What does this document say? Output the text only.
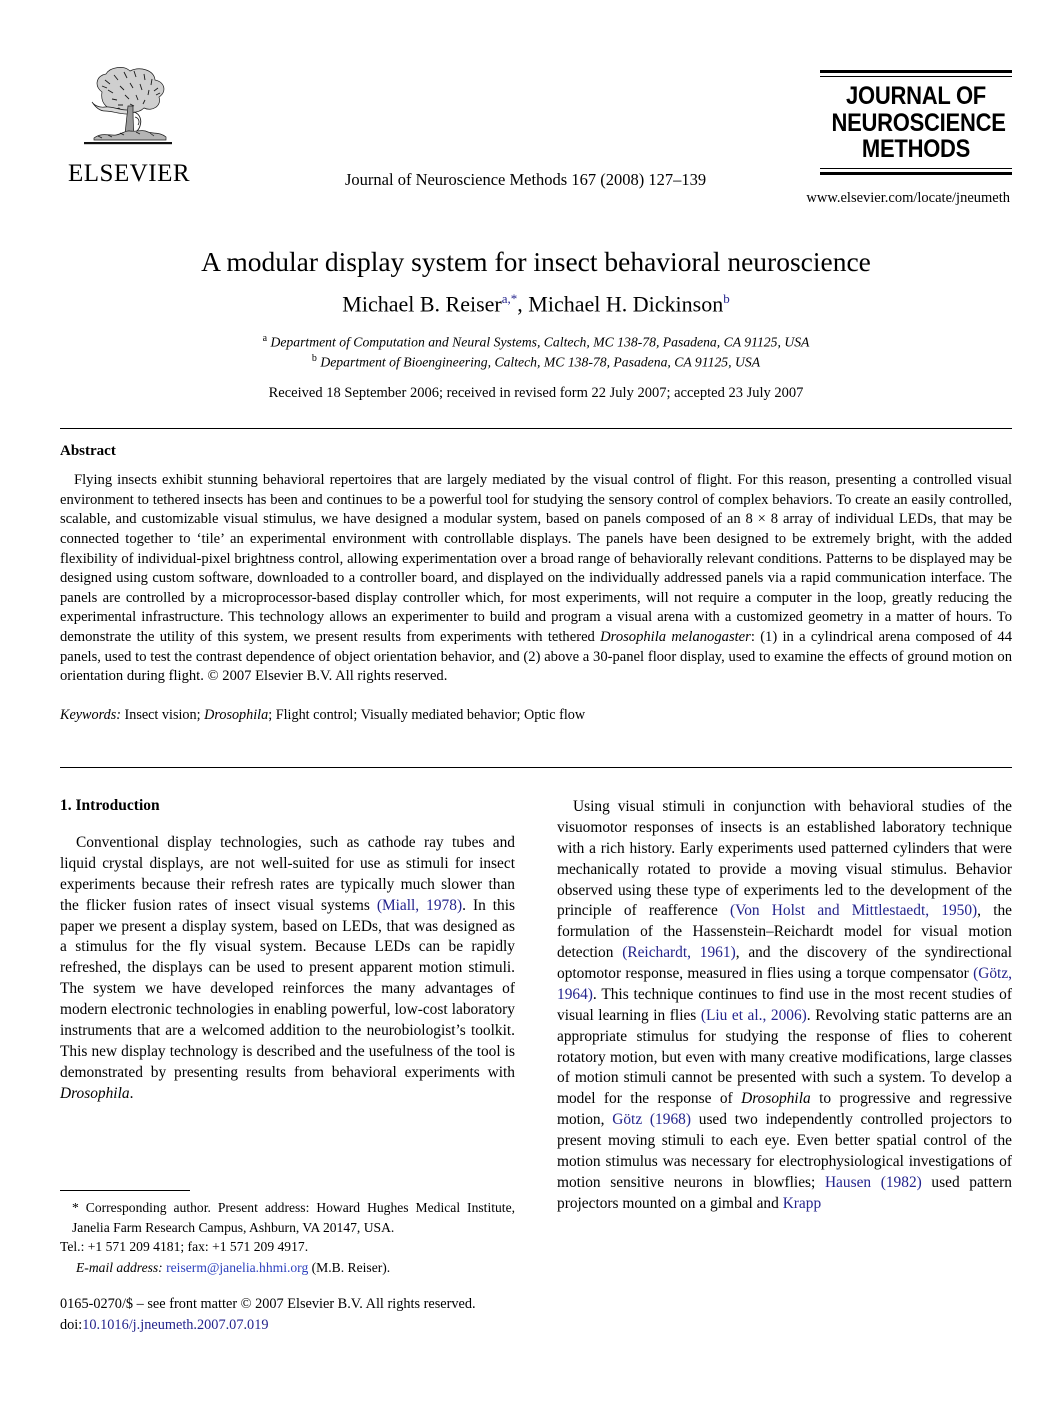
ELSEVIER	Journal of Neuroscience Methods 167 (2008) 127–139
JOURNAL OF
NEUROSCIENCE
METHODS
www.elsevier.com/locate/jneumeth
A modular display system for insect behavioral neuroscience
Michael B. Reiser$^{a,*}$, Michael H. Dickinson$^b$
$^a$ Department of Computation and Neural Systems, Caltech, MC 138-78, Pasadena, CA 91125, USA
$^b$ Department of Bioengineering, Caltech, MC 138-78, Pasadena, CA 91125, USA
Received 18 September 2006; received in revised form 22 July 2007; accepted 23 July 2007
Abstract

Flying insects exhibit stunning behavioral repertoires that are largely mediated by the visual control of flight. For this reason, presenting a controlled visual environment to tethered insects has been and continues to be a powerful tool for studying the sensory control of complex behaviors. To create an easily controlled, scalable, and customizable visual stimulus, we have designed a modular system, based on panels composed of an 8 × 8 array of individual LEDs, that may be connected together to ‘tile’ an experimental environment with controllable displays. The panels have been designed to be extremely bright, with the added flexibility of individual-pixel brightness control, allowing experimentation over a broad range of behaviorally relevant conditions. Patterns to be displayed may be designed using custom software, downloaded to a controller board, and displayed on the individually addressed panels via a rapid communication interface. The panels are controlled by a microprocessor-based display controller which, for most experiments, will not require a computer in the loop, greatly reducing the experimental infrastructure. This technology allows an experimenter to build and program a visual arena with a customized geometry in a matter of hours. To demonstrate the utility of this system, we present results from experiments with tethered Drosophila melanogaster: (1) in a cylindrical arena composed of 44 panels, used to test the contrast dependence of object orientation behavior, and (2) above a 30-panel floor display, used to examine the effects of ground motion on orientation during flight. © 2007 Elsevier B.V. All rights reserved.

Keywords: Insect vision; Drosophila; Flight control; Visually mediated behavior; Optic flow
1. Introduction

Conventional display technologies, such as cathode ray tubes and liquid crystal displays, are not well-suited for use as stimuli for insect experiments because their refresh rates are typically much slower than the flicker fusion rates of insect visual systems (Miall, 1978). In this paper we present a display system, based on LEDs, that was designed as a stimulus for the fly visual system. Because LEDs can be rapidly refreshed, the displays can be used to present apparent motion stimuli. The system we have developed reinforces the many advantages of modern electronic technologies in enabling powerful, low-cost laboratory instruments that are a welcomed addition to the neurobiologist’s toolkit. This new display technology is described and the usefulness of the tool is demonstrated by presenting results from behavioral experiments with Drosophila.

Using visual stimuli in conjunction with behavioral studies of the visuomotor responses of insects is an established laboratory technique with a rich history. Early experiments used patterned cylinders that were mechanically rotated to provide a moving visual stimulus. Behavior observed using these type of experiments led to the development of the principle of reafference (Von Holst and Mittlestaedt, 1950), the formulation of the Hassenstein–Reichardt model for visual motion detection (Reichardt, 1961), and the discovery of the syndirectional optomotor response, measured in flies using a torque compensator (Götz, 1964). This technique continues to find use in the most recent studies of visual learning in flies (Liu et al., 2006). Revolving static patterns are an appropriate stimulus for studying the response of flies to coherent rotatory motion, but even with many creative modifications, large classes of motion stimuli cannot be presented with such a system. To develop a model for the response of Drosophila to progressive and regressive motion, Götz (1968) used two independently controlled projectors to present moving stimuli to each eye. Even better spatial control of the motion stimulus was necessary for electrophysiological investigations of motion sensitive neurons in blowflies; Hausen (1982) used pattern projectors mounted on a gimbal and Krapp

* Corresponding author. Present address: Howard Hughes Medical Institute, Janelia Farm Research Campus, Ashburn, VA 20147, USA.

Tel.: +1 571 209 4181; fax: +1 571 209 4917.

E-mail address: reiserm@janelia.hhmi.org (M.B. Reiser).

0165-0270/$ – see front matter © 2007 Elsevier B.V. All rights reserved.
doi:10.1016/j.jneumeth.2007.07.019
